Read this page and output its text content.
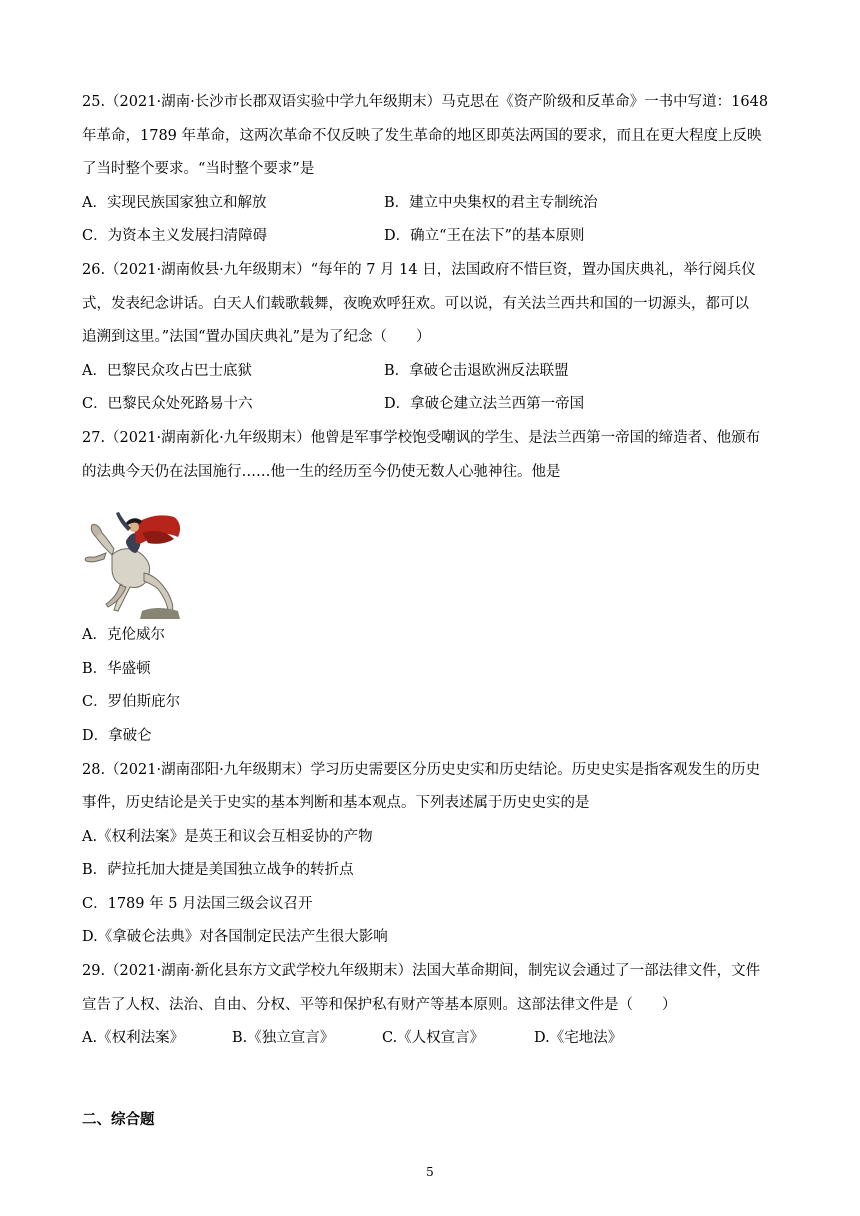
25.（2021·湖南·长沙市长郡双语实验中学九年级期末）马克思在《资产阶级和反革命》一书中写道：1648

年革命，1789 年革命，这两次革命不仅反映了发生革命的地区即英法两国的要求，而且在更大程度上反映

了当时整个要求。“当时整个要求”是

A．实现民族国家独立和解放	B．建立中央集权的君主专制统治
C．为资本主义发展扫清障碍	D．确立“王在法下”的基本原则

26.（2021·湖南攸县·九年级期末）“每年的 7 月 14 日，法国政府不惜巨资，置办国庆典礼，举行阅兵仪

式，发表纪念讲话。白天人们载歌载舞，夜晚欢呼狂欢。可以说，有关法兰西共和国的一切源头，都可以

追溯到这里。”法国“置办国庆典礼”是为了纪念（　　）

A．巴黎民众攻占巴士底狱	B．拿破仑击退欧洲反法联盟
C．巴黎民众处死路易十六	D．拿破仑建立法兰西第一帝国

27.（2021·湖南新化·九年级期末）他曾是军事学校饱受嘲讽的学生、是法兰西第一帝国的缔造者、他颁布

的法典今天仍在法国施行……他一生的经历至今仍使无数人心驰神往。他是

A．克伦威尔
B．华盛顿
C．罗伯斯庇尔
D．拿破仑

28.（2021·湖南邵阳·九年级期末）学习历史需要区分历史史实和历史结论。历史史实是指客观发生的历史

事件，历史结论是关于史实的基本判断和基本观点。下列表述属于历史史实的是

A.《权利法案》是英王和议会互相妥协的产物
B．萨拉托加大捷是美国独立战争的转折点
C．1789 年 5 月法国三级会议召开
D.《拿破仑法典》对各国制定民法产生很大影响

29.（2021·湖南·新化县东方文武学校九年级期末）法国大革命期间，制宪议会通过了一部法律文件，文件

宣告了人权、法治、自由、分权、平等和保护私有财产等基本原则。这部法律文件是（　　）

A.《权利法案》	B.《独立宣言》	C.《人权宣言》	D.《宅地法》
二、综合题
5
